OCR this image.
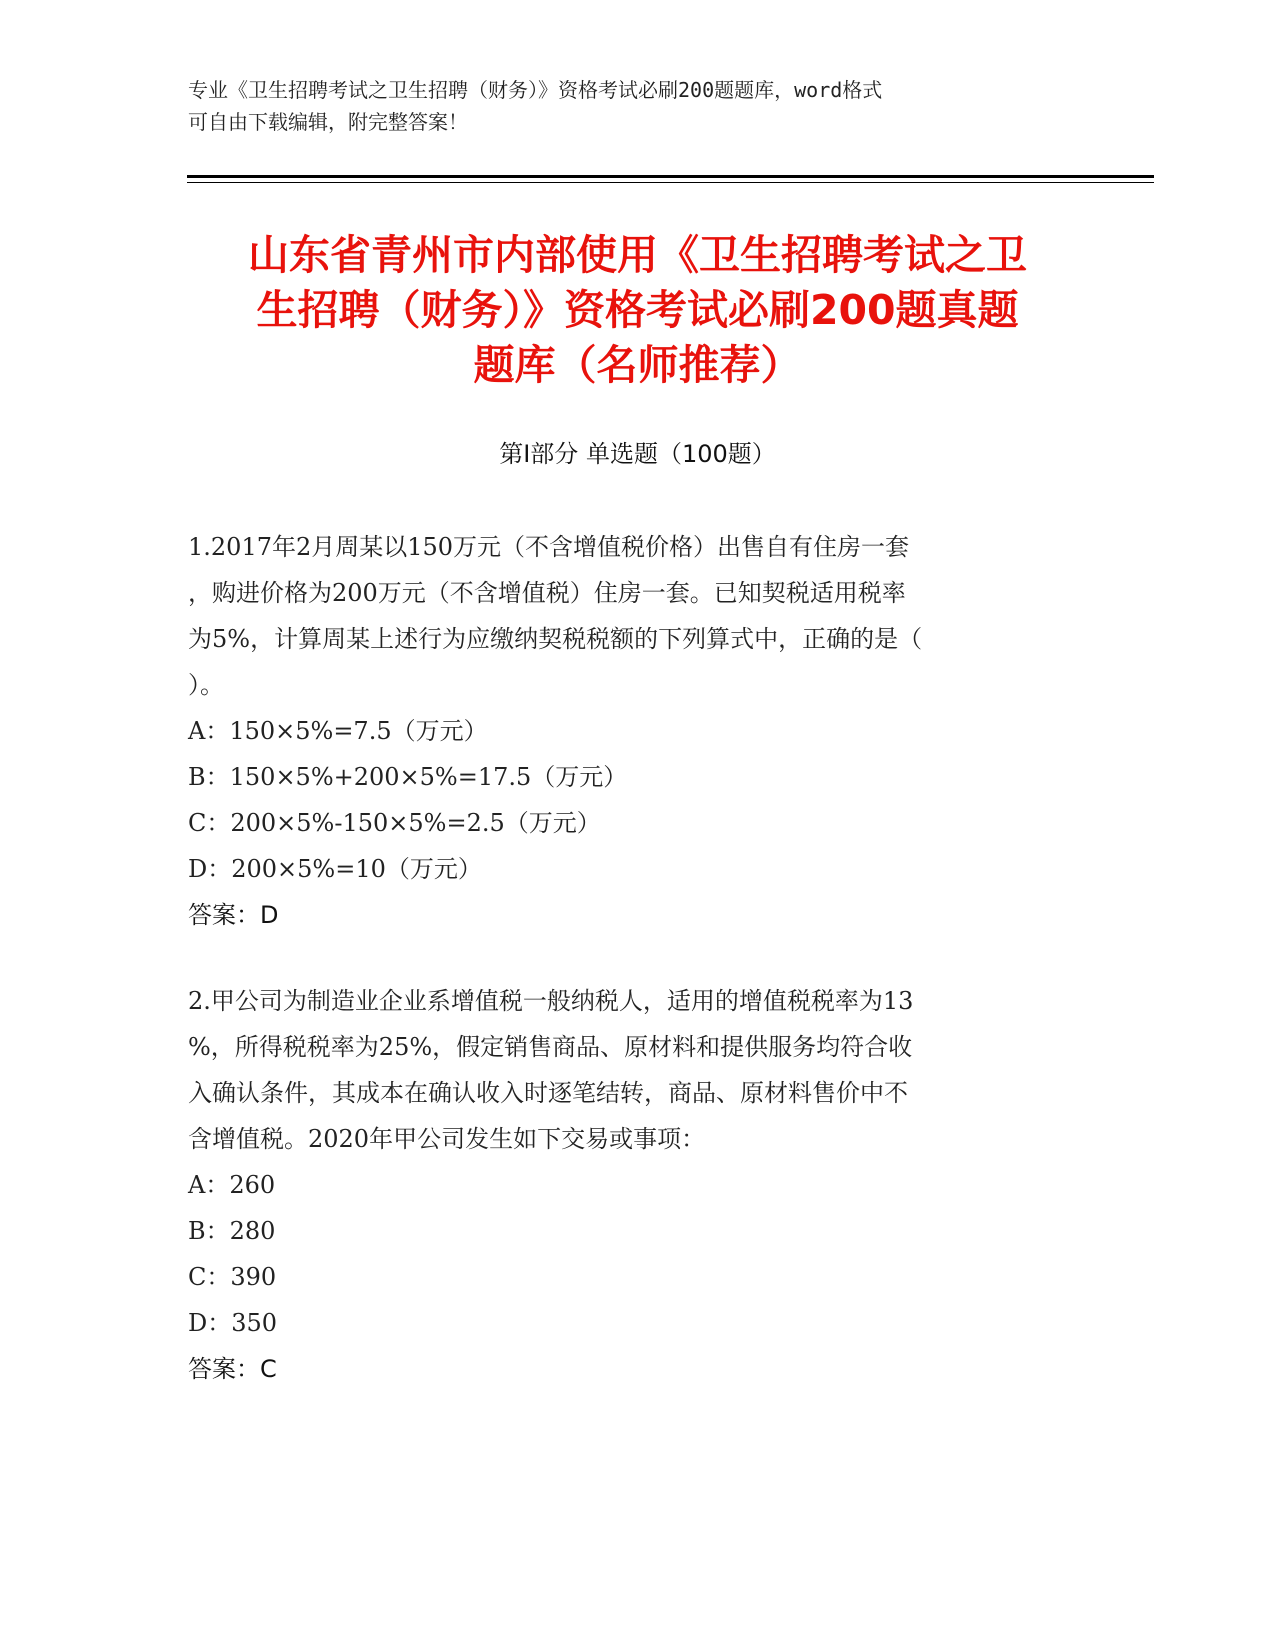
专业《卫生招聘考试之卫生招聘（财务）》资格考试必刷200题题库，word格式
可自由下载编辑，附完整答案！
山东省青州市内部使用《卫生招聘考试之卫
生招聘（财务）》资格考试必刷200题真题
题库（名师推荐）
第Ⅰ部分 单选题（100题）
1.2017年2月周某以150万元（不含增值税价格）出售自有住房一套
，购进价格为200万元（不含增值税）住房一套。已知契税适用税率
为5%，计算周某上述行为应缴纳契税税额的下列算式中，正确的是（
）。
A：150×5%=7.5（万元）
B：150×5%+200×5%=17.5（万元）
C：200×5%-150×5%=2.5（万元）
D：200×5%=10（万元）
答案：D
2.甲公司为制造业企业系增值税一般纳税人，适用的增值税税率为13
%，所得税税率为25%，假定销售商品、原材料和提供服务均符合收
入确认条件，其成本在确认收入时逐笔结转，商品、原材料售价中不
含增值税。2020年甲公司发生如下交易或事项：
A：260
B：280
C：390
D：350
答案：C
